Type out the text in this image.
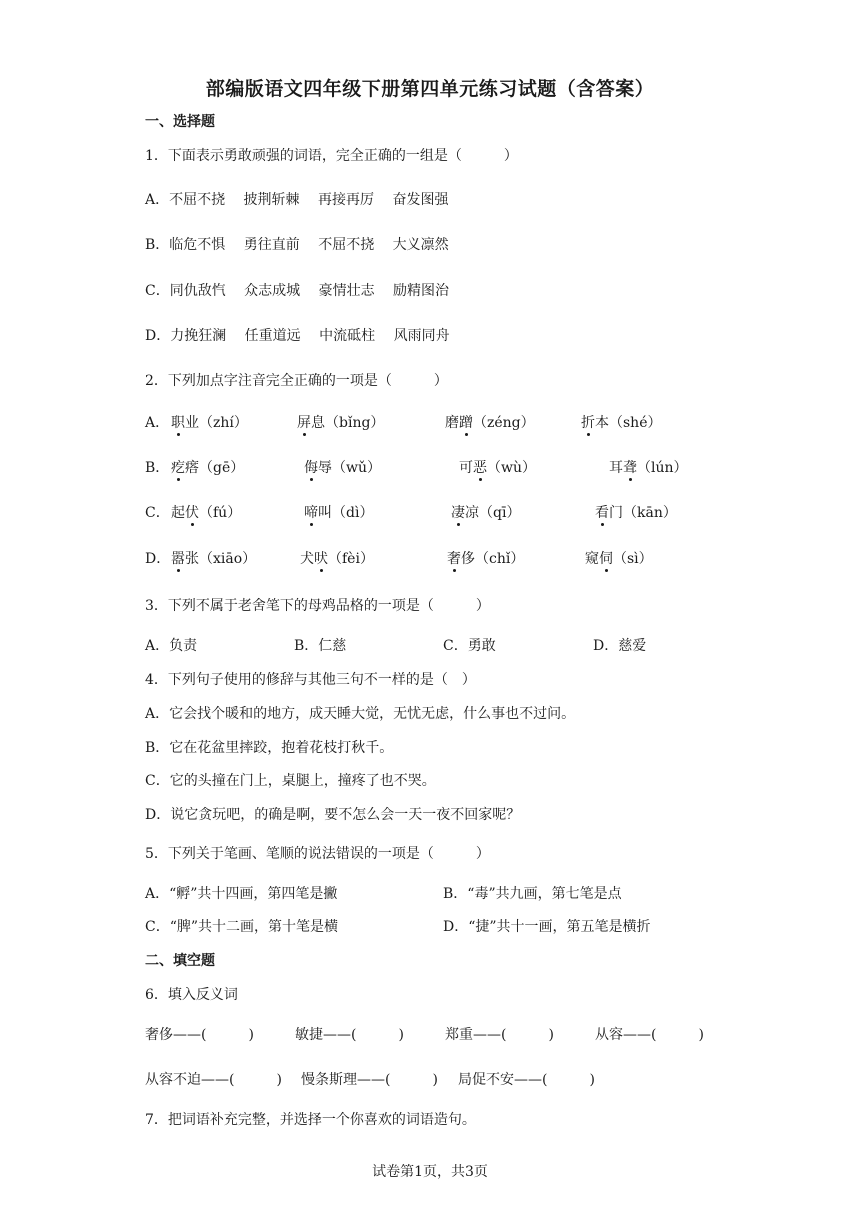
部编版语文四年级下册第四单元练习试题（含答案）
一、选择题
1．下面表示勇敢顽强的词语，完全正确的一组是（　　　）
A．不屈不挠　 披荆斩棘　 再接再厉　 奋发图强
B．临危不惧　 勇往直前　 不屈不挠　 大义凛然
C．同仇敌忾　 众志成城　 豪情壮志　 励精图治
D．力挽狂澜　 任重道远　 中流砥柱　 风雨同舟
2．下列加点字注音完全正确的一项是（　　　）
A． 职业（zhí）	屏息（bǐng）	磨蹭（zéng）	折本（shé）
B． 疙瘩（gē）	侮辱（wǔ）	可恶（wù）	耳聋（lún）
C． 起伏（fú）	啼叫（dì）	凄凉（qī）	看门（kān）
D． 嚣张（xiāo）	犬吠（fèi）	奢侈（chǐ）	窥伺（sì）
3．下列不属于老舍笔下的母鸡品格的一项是（　　　）
A．负责	B．仁慈	C．勇敢	D．慈爱
4．下列句子使用的修辞与其他三句不一样的是（　）
A．它会找个暖和的地方，成天睡大觉，无忧无虑，什么事也不过问。
B．它在花盆里摔跤，抱着花枝打秋千。
C．它的头撞在门上，桌腿上，撞疼了也不哭。
D．说它贪玩吧，的确是啊，要不怎么会一天一夜不回家呢？
5．下列关于笔画、笔顺的说法错误的一项是（　　　）
A．“孵”共十四画，第四笔是撇	B．“毒”共九画，第七笔是点
C．“脾”共十二画，第十笔是横	D．“捷”共十一画，第五笔是横折
二、填空题
6．填入反义词
奢侈——(　　　)	敏捷——(　　　)	郑重——(　　　)	从容——(　　　)
从容不迫——(　　　) 慢条斯理——(　　　) 局促不安——(　　　)
7．把词语补充完整，并选择一个你喜欢的词语造句。
试卷第1页，共3页
